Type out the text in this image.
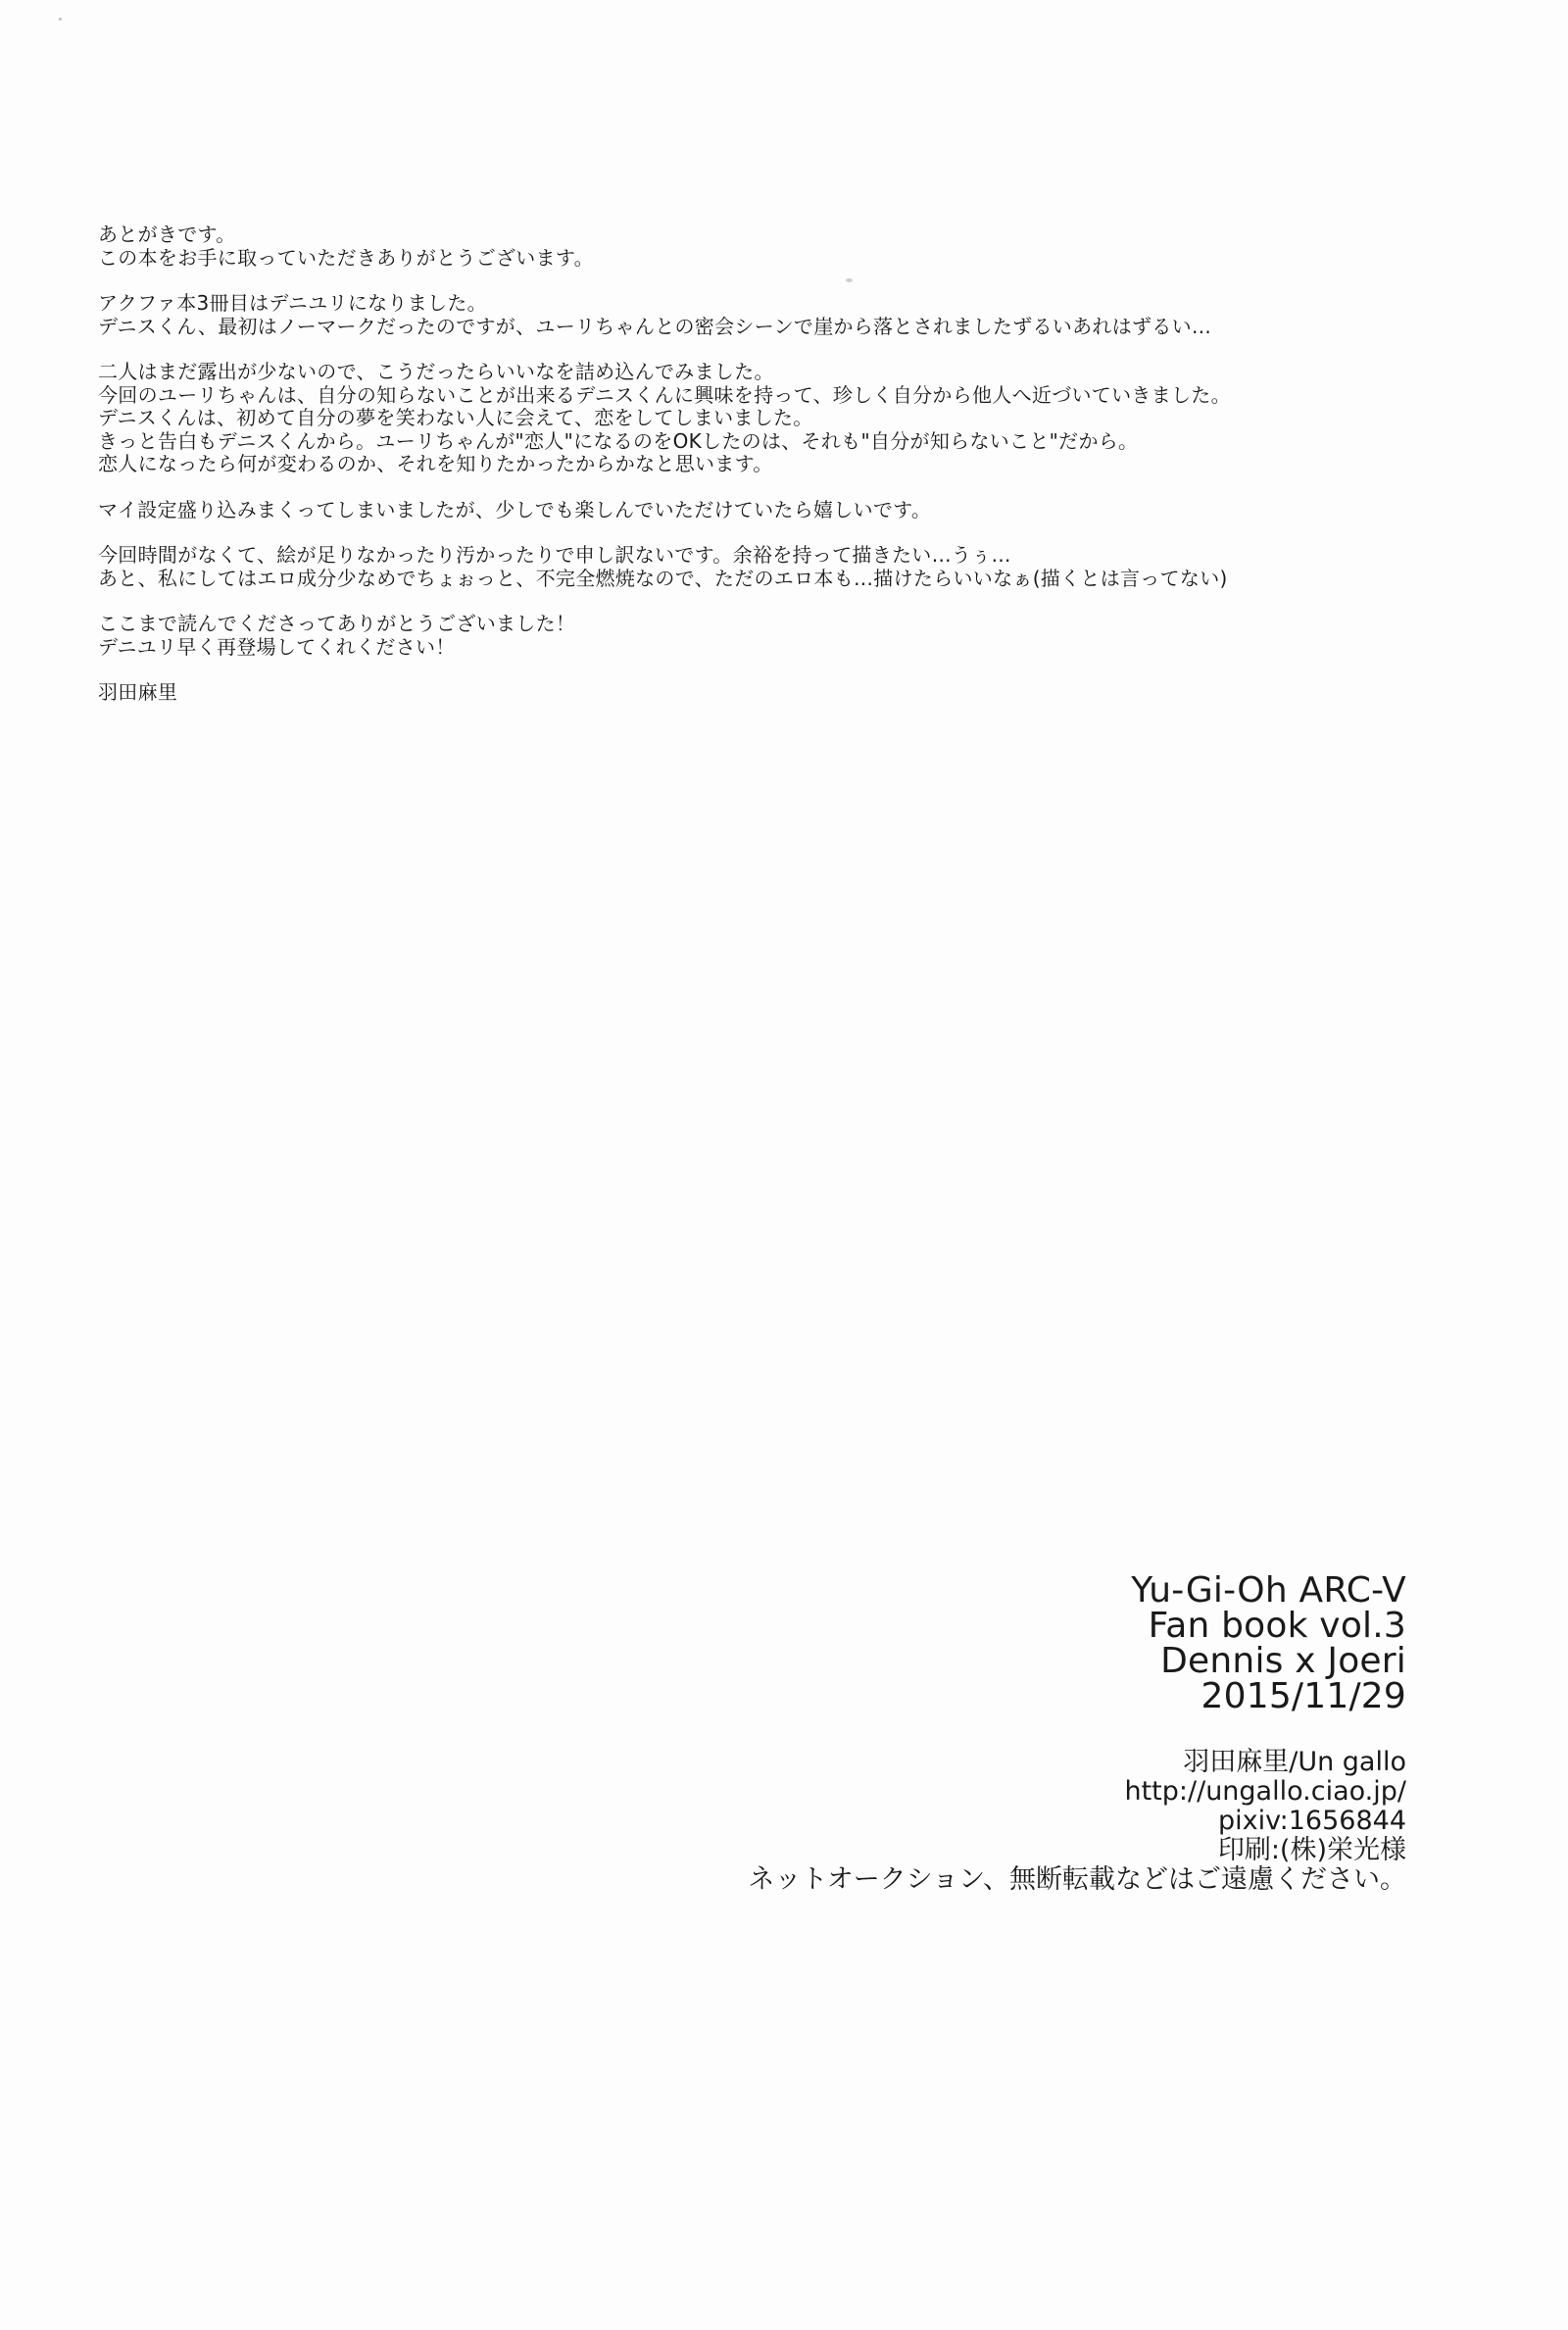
あとがきです。
この本をお手に取っていただきありがとうございます。
アクファ本3冊目はデニユリになりました。
デニスくん、最初はノーマークだったのですが、ユーリちゃんとの密会シーンで崖から落とされましたずるいあれはずるい…
二人はまだ露出が少ないので、こうだったらいいなを詰め込んでみました。
今回のユーリちゃんは、自分の知らないことが出来るデニスくんに興味を持って、珍しく自分から他人へ近づいていきました。
デニスくんは、初めて自分の夢を笑わない人に会えて、恋をしてしまいました。
きっと告白もデニスくんから。ユーリちゃんが"恋人"になるのをOKしたのは、それも"自分が知らないこと"だから。
恋人になったら何が変わるのか、それを知りたかったからかなと思います。
マイ設定盛り込みまくってしまいましたが、少しでも楽しんでいただけていたら嬉しいです。
今回時間がなくて、絵が足りなかったり汚かったりで申し訳ないです。余裕を持って描きたい…うぅ…
あと、私にしてはエロ成分少なめでちょぉっと、不完全燃焼なので、ただのエロ本も…描けたらいいなぁ(描くとは言ってない)
ここまで読んでくださってありがとうございました！
デニユリ早く再登場してくれください！
羽田麻里
Yu-Gi-Oh ARC-V
Fan book vol.3
Dennis x Joeri
2015/11/29
羽田麻里/Un gallo
http://ungallo.ciao.jp/
pixiv:1656844
印刷:(株)栄光様
ネットオークション、無断転載などはご遠慮ください。
